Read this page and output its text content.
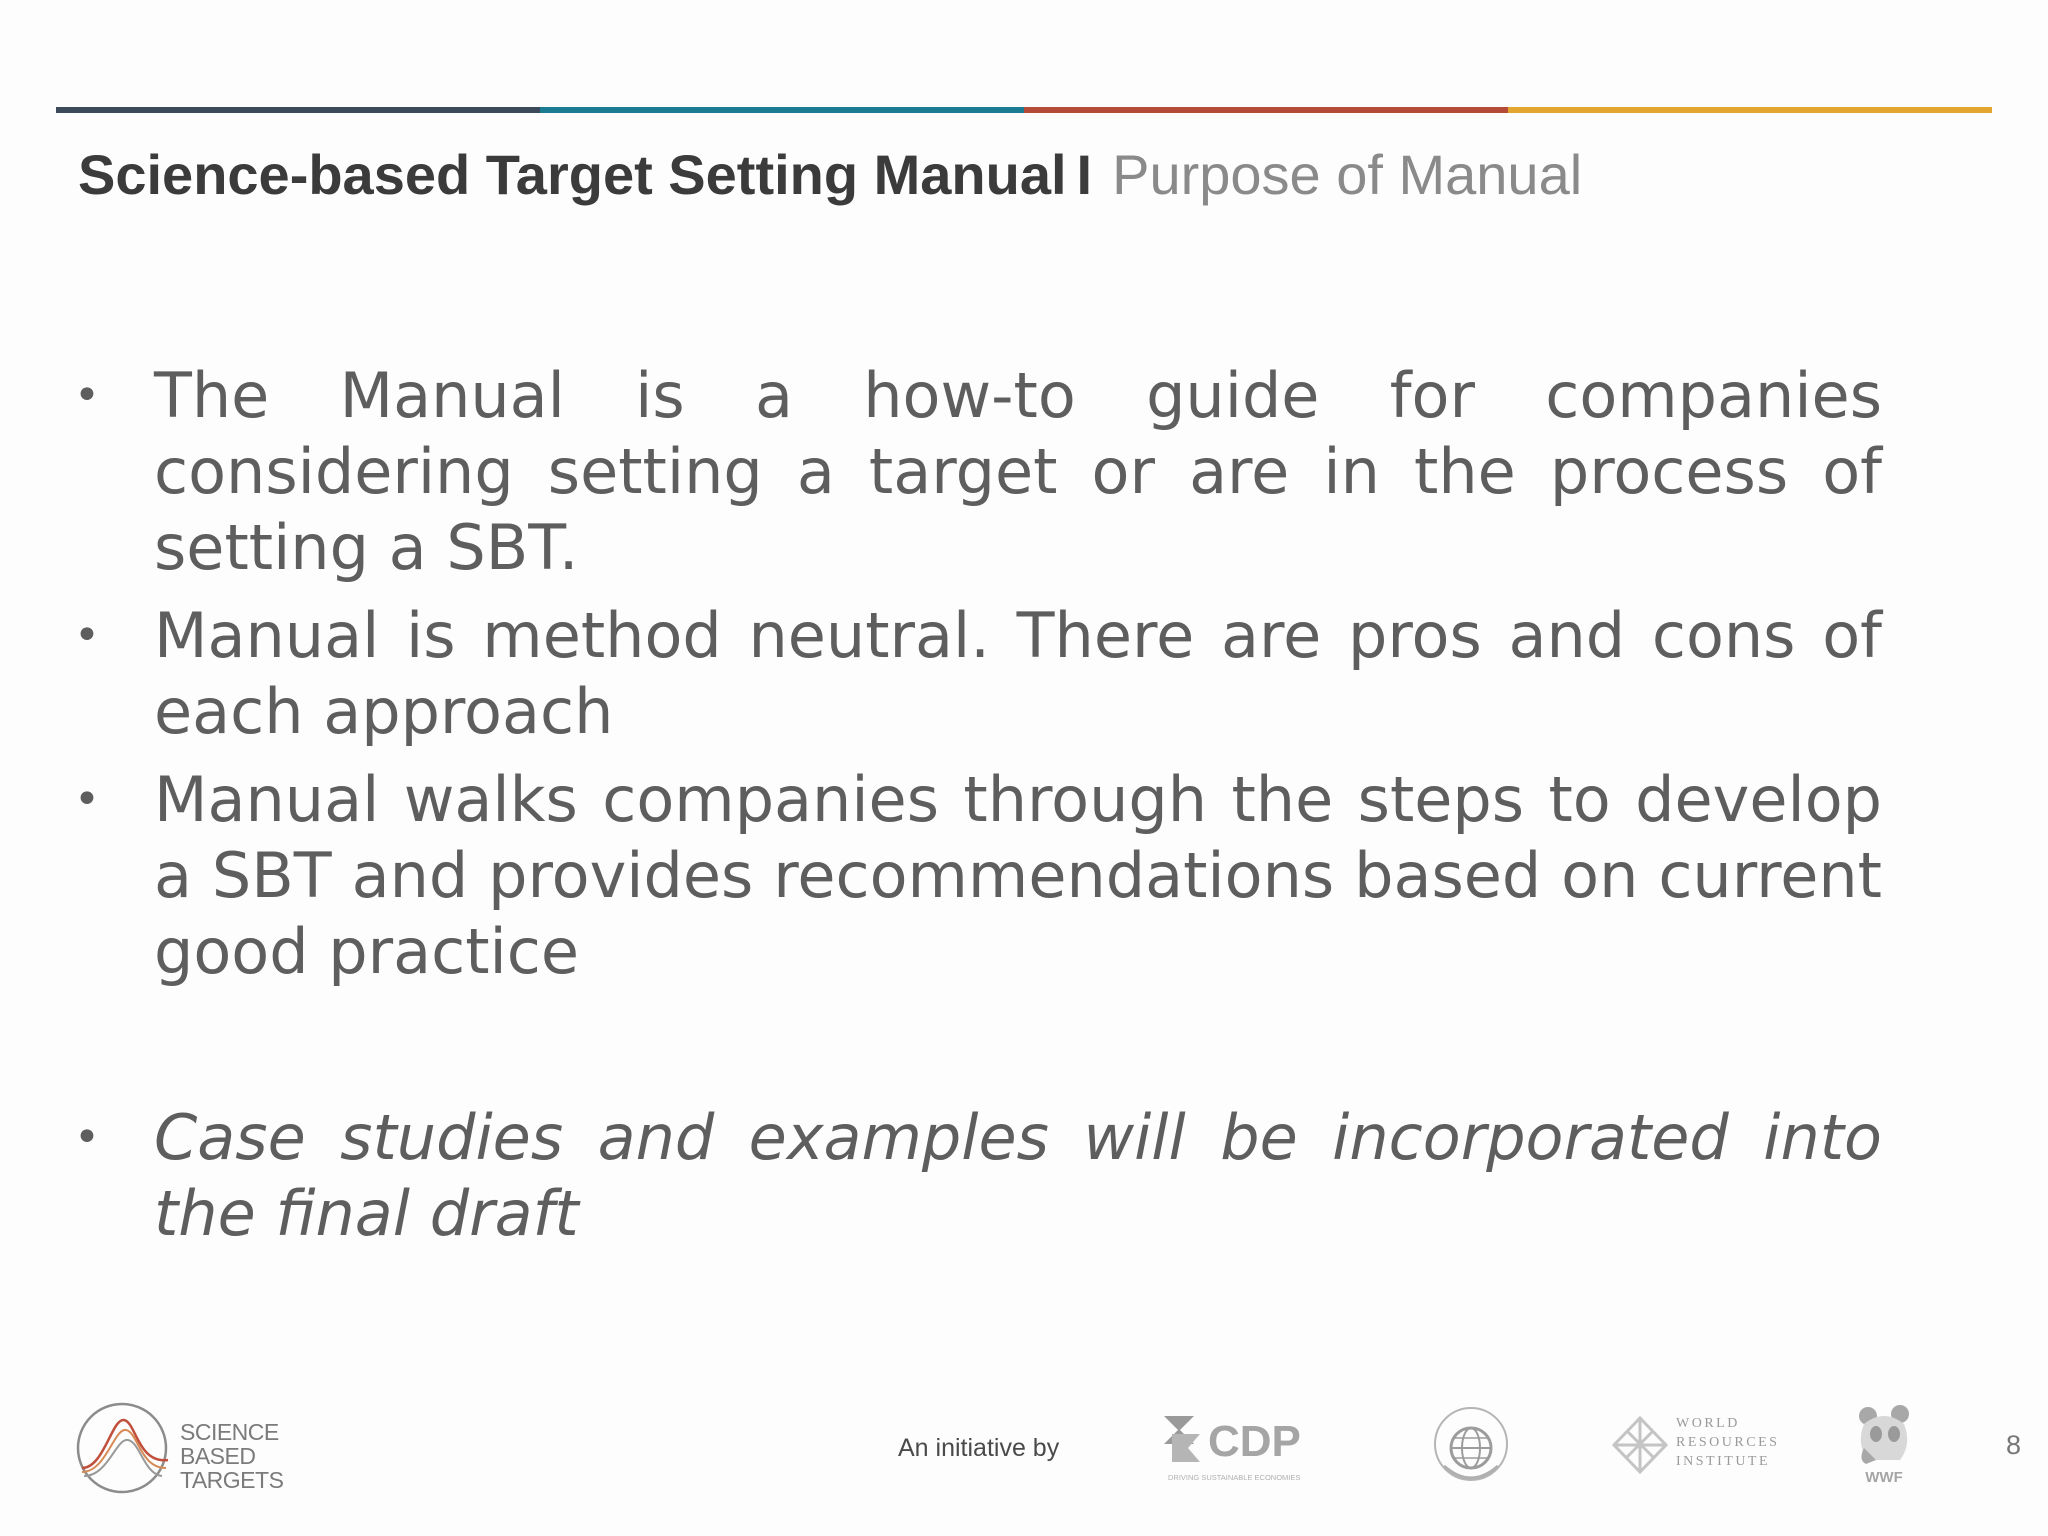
Science-based Target Setting Manual I Purpose of Manual
• The Manual is a how-to guide for companies considering setting a target or are in the process of setting a SBT.
• Manual is method neutral. There are pros and cons of each approach
• Manual walks companies through the steps to develop a SBT and provides recommendations based on current good practice
• Case studies and examples will be incorporated into the final draft
SCIENCE
BASED
TARGETS
An initiative by	CDP
DRIVING SUSTAINABLE ECONOMIES
WORLD
RESOURCES
INSTITUTE
WWF
8
